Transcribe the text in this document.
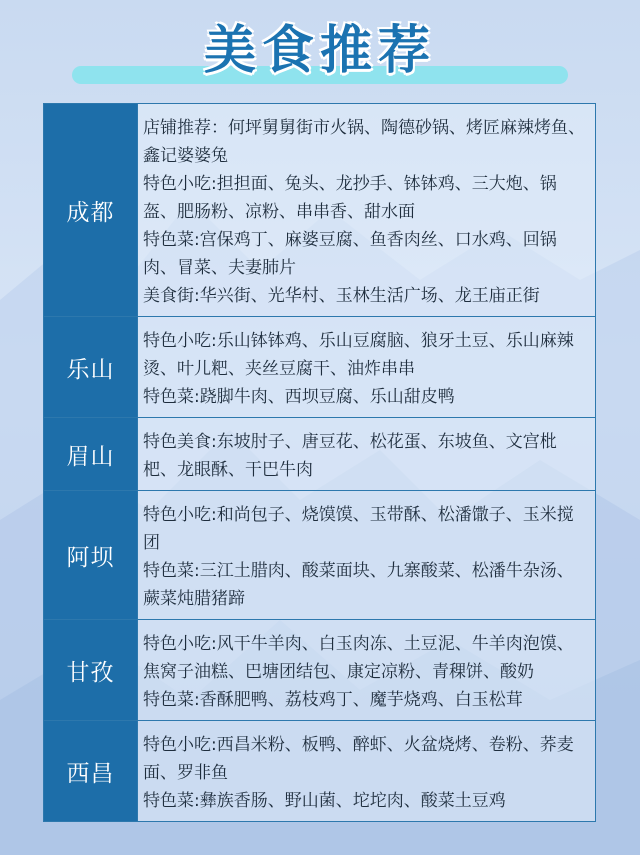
美食推荐
成都
店铺推荐：何坪舅舅街市火锅、陶德砂锅、烤匠麻辣烤鱼、鑫记婆婆兔
特色小吃:担担面、兔头、龙抄手、钵钵鸡、三大炮、锅盔、肥肠粉、凉粉、串串香、甜水面
特色菜:宫保鸡丁、麻婆豆腐、鱼香肉丝、口水鸡、回锅肉、冒菜、夫妻肺片
美食街:华兴街、光华村、玉林生活广场、龙王庙正街
乐山
特色小吃:乐山钵钵鸡、乐山豆腐脑、狼牙土豆、乐山麻辣烫、叶儿粑、夹丝豆腐干、油炸串串
特色菜:跷脚牛肉、西坝豆腐、乐山甜皮鸭
眉山
特色美食:东坡肘子、唐豆花、松花蛋、东坡鱼、文宫枇杷、龙眼酥、干巴牛肉
阿坝
特色小吃:和尚包子、烧馍馍、玉带酥、松潘馓子、玉米搅团
特色菜:三江土腊肉、酸菜面块、九寨酸菜、松潘牛杂汤、蕨菜炖腊猪蹄
甘孜
特色小吃:风干牛羊肉、白玉肉冻、土豆泥、牛羊肉泡馍、焦窝子油糕、巴塘团结包、康定凉粉、青稞饼、酸奶
特色菜:香酥肥鸭、荔枝鸡丁、魔芋烧鸡、白玉松茸
西昌
特色小吃:西昌米粉、板鸭、醉虾、火盆烧烤、卷粉、荞麦面、罗非鱼
特色菜:彝族香肠、野山菌、坨坨肉、酸菜土豆鸡
